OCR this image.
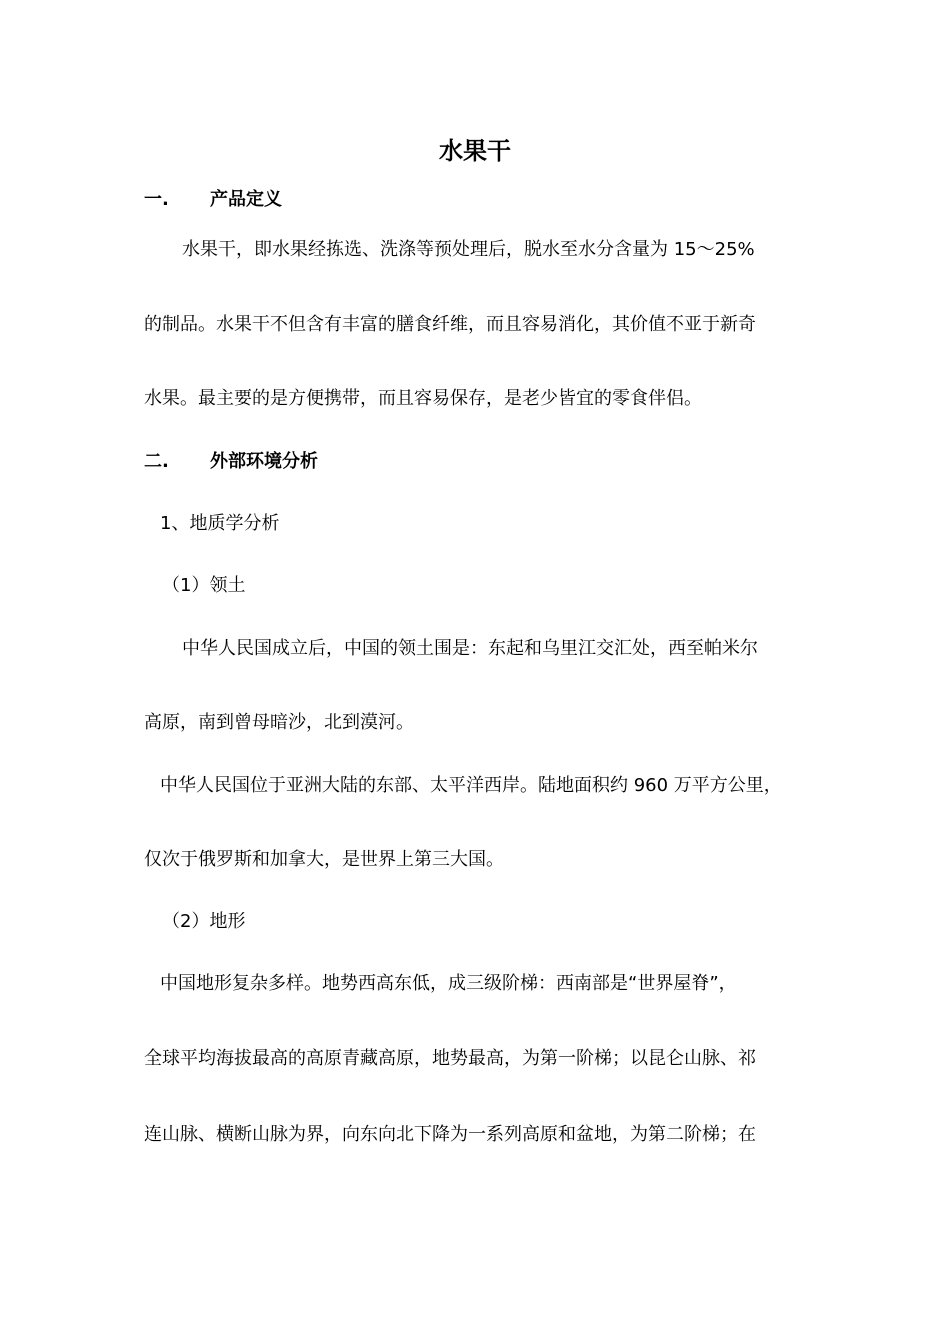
水果干
一. 产品定义
水果干，即水果经拣选、洗涤等预处理后，脱水至水分含量为 15～25%
的制品。水果干不但含有丰富的膳食纤维，而且容易消化，其价值不亚于新奇
水果。最主要的是方便携带，而且容易保存，是老少皆宜的零食伴侣。
二. 外部环境分析
1、地质学分析
（1）领土
中华人民国成立后，中国的领土围是：东起和乌里江交汇处，西至帕米尔
高原，南到曾母暗沙，北到漠河。
中华人民国位于亚洲大陆的东部、太平洋西岸。陆地面积约 960 万平方公里，
仅次于俄罗斯和加拿大，是世界上第三大国。
（2）地形
中国地形复杂多样。地势西高东低，成三级阶梯：西南部是“世界屋脊”，
全球平均海拔最高的高原青藏高原，地势最高，为第一阶梯；以昆仑山脉、祁
连山脉、横断山脉为界，向东向北下降为一系列高原和盆地，为第二阶梯；在
